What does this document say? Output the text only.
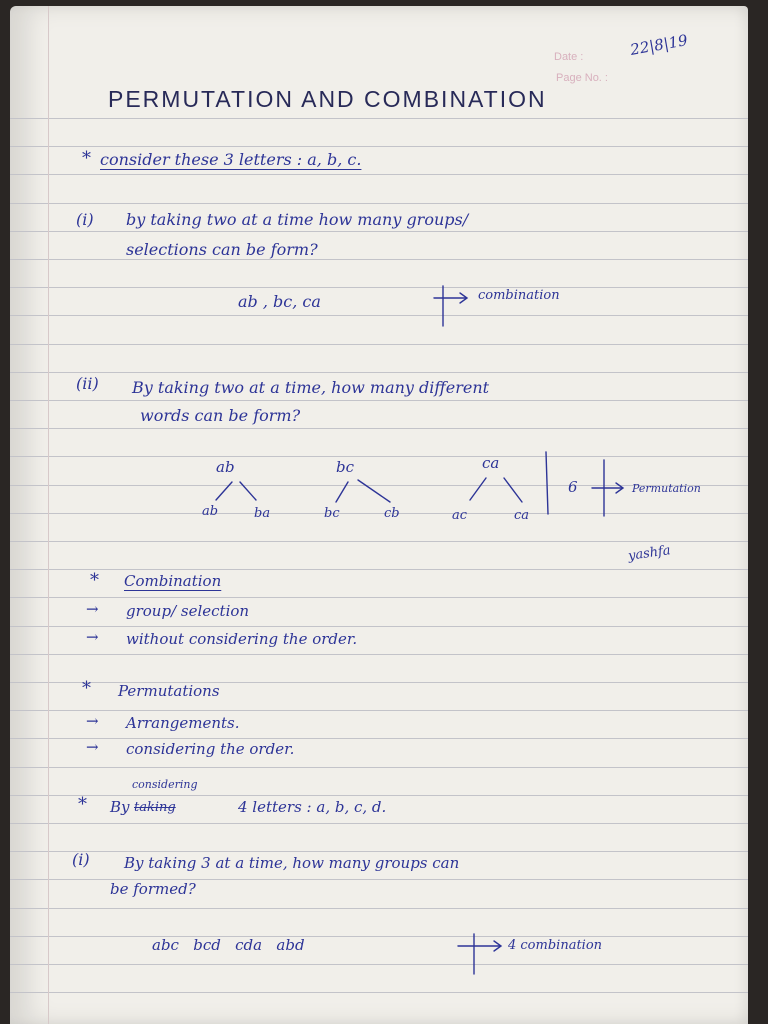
Date :
Page No. :
22|8|19
PERMUTATION AND COMBINATION
* consider these 3 letters : a, b, c.
(i) by taking two at a time how many groups/
selections can be form?
ab , bc, ca	combination
(ii) By taking two at a time, how many different
words can be form?
ab
ab	ba
bc
bc	cb
ca
ac	ca
6	Permutation
yashfa
* Combination
→ group/ selection
→ without considering the order.
* Permutations
→ Arrangements.
→ considering the order.
* By taking
considering
4 letters : a, b, c, d.
(i) By taking 3 at a time, how many groups can
be formed?
abc   bcd   cda   abd	4 combination
